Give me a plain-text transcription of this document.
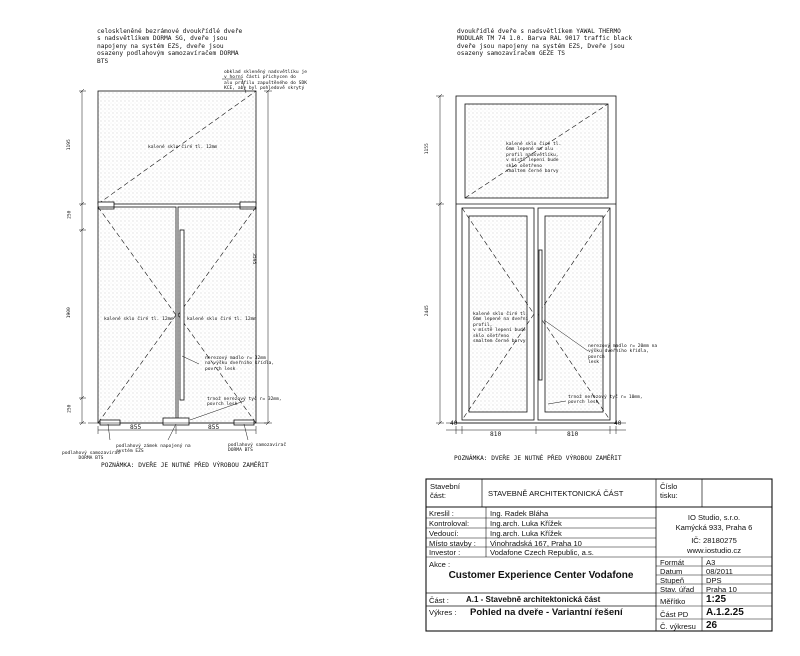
celoskleněné bezrámové dvoukřídlé dveře
s nadsvětlíkem DORMA SG, dveře jsou
napojeny na systém EZS, dveře jsou
osazeny podlahovým samozavíračem DORMA
BTS
obklad skleněný nadsvětlíku je
v horní části přichycen do
alu profilu zapuštěného do SDK
KCE, aby byl pohledově skrytý
kalené sklo čiré tl. 12mm
kalené sklo čiré tl. 12mm	kalené sklo čiré tl. 12mm
nerezový madlo r= 32mm
na výšku dveřního křídla,
povrch lesk
trnož nerezový tyč r= 32mm,
povrch lesk
podlahový samozavírač
DORMA BTS
podlahový zámek napojený na
systém EZS
podlahový samozavírač
DORMA BTS
POZNÁMKA: DVEŘE JE NUTNÉ PŘED VÝROBOU ZAMĚŘIT
1195
250
1900
250
3595
855	855
dvoukřídlé dveře s nadsvětlíkem YAWAL THERMO
MODULAR TM 74 1.0. Barva RAL 9017 traffic black
dveře jsou napojeny na systém EZS, Dveře jsou
osazeny samozavíračem GEZE TS
kalené sklo čiré tl.
6mm lepené na alu
profil nadsvětlíku,
v místě lepení bude
sklo ošetřeno
smaltem černé barvy
kalené sklo čiré tl.
6mm lepené na dveřní
profil,
v místě lepení bude
sklo ošetřeno
smaltem černé barvy
nerezový madlo r= 20mm na
výšku dveřního křídla, povrch
lesk
trnož nerezový tyč r= 10mm,
povrch lesk
POZNÁMKA: DVEŘE JE NUTNÉ PŘED VÝROBOU ZAMĚŘIT
1155
2445
40
810	810
40
Stavební
část:	STAVEBNĚ ARCHITEKTONICKÁ ČÁST
Číslo
tisku:
Kreslil :	Ing. Radek Bláha
Kontroloval:	Ing.arch. Luka Křížek
Vedoucí:	Ing.arch. Luka Křížek
Místo stavby : Vinohradská 167, Praha 10
Investor :	Vodafone Czech Republic, a.s.
IO Studio, s.r.o.
Kamýcká 933, Praha 6
IČ: 28180275
www.iostudio.cz
Akce :
Customer Experience Center Vodafone
Formát	A3
Datum	08/2011
Stupeň	DPS
Stav. úřad Praha 10
Část : A.1 - Stavebně architektonická část
Výkres : Pohled na dveře - Variantní řešení
Měřítko 1:25
Část PD A.1.2.25
Č. výkresu 26
